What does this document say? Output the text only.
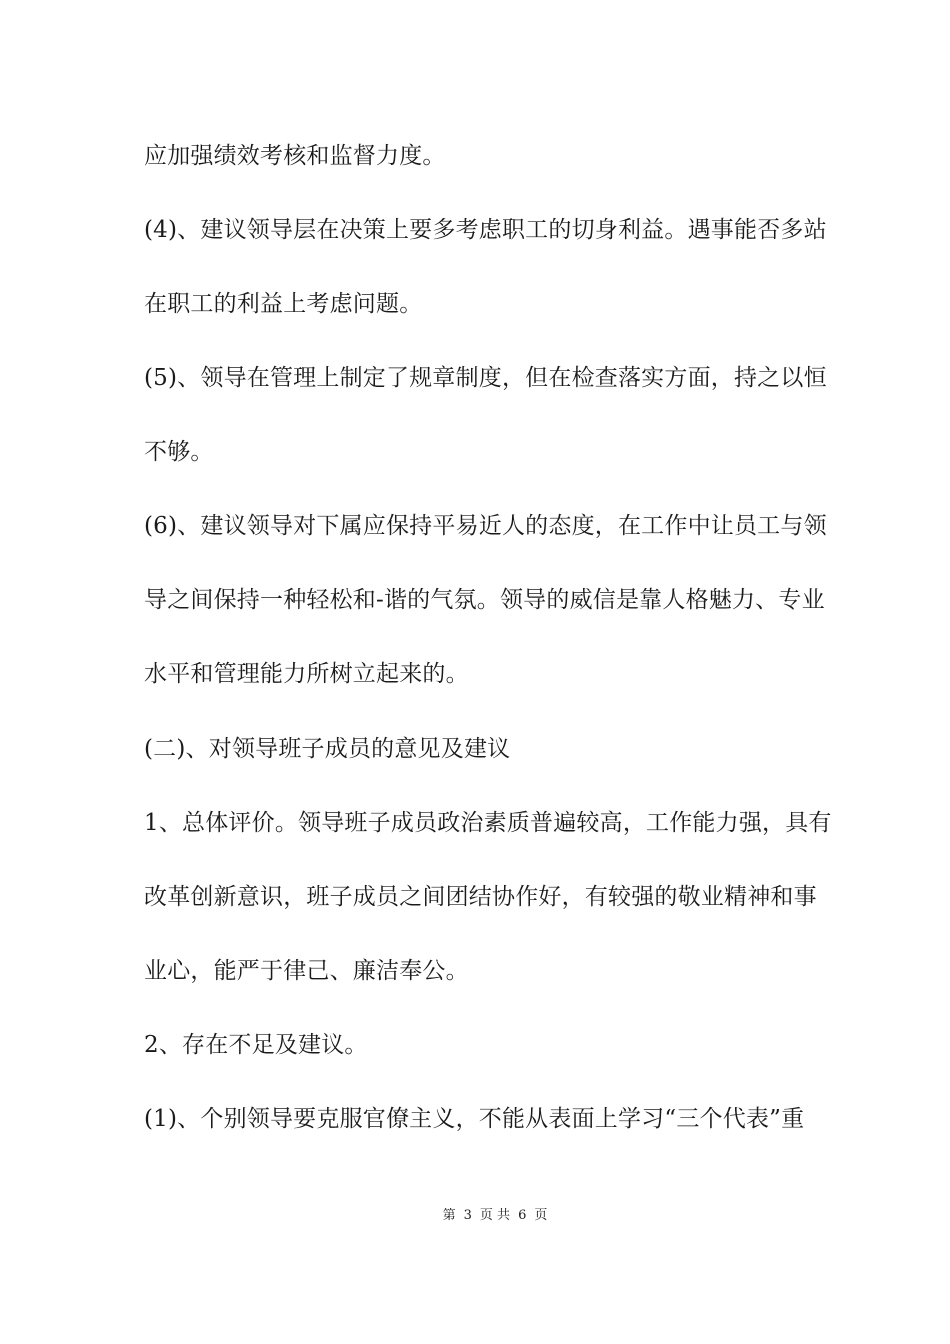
应加强绩效考核和监督力度。
(4)、建议领导层在决策上要多考虑职工的切身利益。遇事能否多站
在职工的利益上考虑问题。
(5)、领导在管理上制定了规章制度，但在检查落实方面，持之以恒
不够。
(6)、建议领导对下属应保持平易近人的态度，在工作中让员工与领
导之间保持一种轻松和-谐的气氛。领导的威信是靠人格魅力、专业
水平和管理能力所树立起来的。
(二)、对领导班子成员的意见及建议
1、总体评价。领导班子成员政治素质普遍较高，工作能力强，具有
改革创新意识，班子成员之间团结协作好，有较强的敬业精神和事
业心，能严于律己、廉洁奉公。
2、存在不足及建议。
(1)、个别领导要克服官僚主义，不能从表面上学习“三个代表”重
第 3 页 共 6 页
